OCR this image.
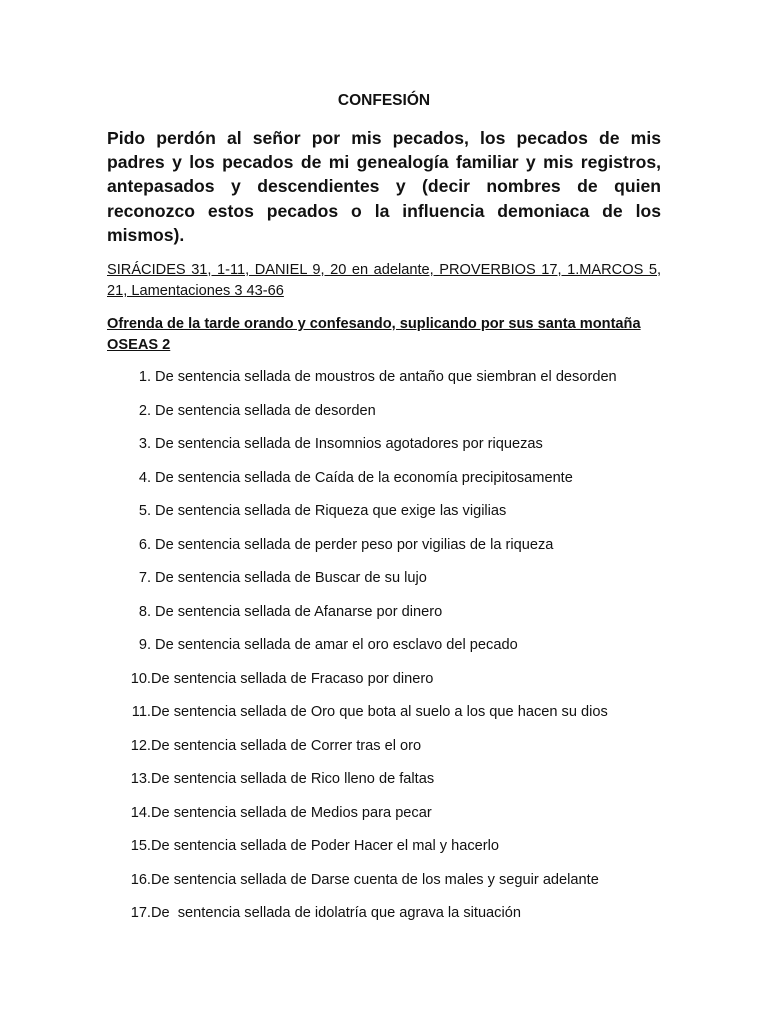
CONFESIÓN

Pido perdón al señor por mis pecados, los pecados de mis padres y los pecados de mi genealogía familiar y mis registros, antepasados y descendientes y (decir nombres de quien reconozco estos pecados o la influencia demoniaca de los mismos).

SIRÁCIDES 31, 1-11, DANIEL 9, 20 en adelante, PROVERBIOS 17, 1.MARCOS 5, 21, Lamentaciones 3 43-66

Ofrenda de la tarde orando y confesando, suplicando por sus santa montaña OSEAS 2

1. De sentencia sellada de moustros de antaño que siembran el desorden
2. De sentencia sellada de desorden
3. De sentencia sellada de Insomnios agotadores por riquezas
4. De sentencia sellada de Caída de la economía precipitosamente
5. De sentencia sellada de Riqueza que exige las vigilias
6. De sentencia sellada de perder peso por vigilias de la riqueza
7. De sentencia sellada de Buscar de su lujo
8. De sentencia sellada de Afanarse por dinero
9. De sentencia sellada de amar el oro esclavo del pecado
10.De sentencia sellada de Fracaso por dinero
11.De sentencia sellada de Oro que bota al suelo a los que hacen su dios
12.De sentencia sellada de Correr tras el oro
13.De sentencia sellada de Rico lleno de faltas
14.De sentencia sellada de Medios para pecar
15.De sentencia sellada de Poder Hacer el mal y hacerlo
16.De sentencia sellada de Darse cuenta de los males y seguir adelante
17.De  sentencia sellada de idolatría que agrava la situación
